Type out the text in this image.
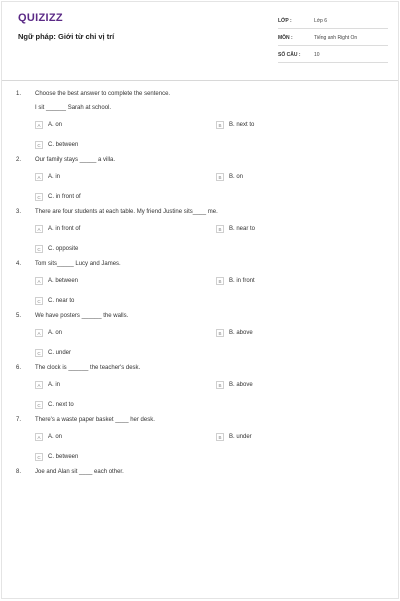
QUIZIZZ
Ngữ pháp: Giới từ chỉ vị trí
LỚP :	Lớp 6
MÔN :	Tiếng anh Right On
SỐ CÂU :	10
1.	Choose the best answer to complete the sentence.
I sit ______ Sarah at school.
A	A. on	B	B. next to
C	C. between
2.	Our family stays _____ a villa.
A	A. in	B	B. on
C	C. in front of
3.	There are four students at each table. My friend Justine sits____ me.
A	A. in front of	B	B. near to
C	C. opposite
4.	Tom sits_____ Lucy and James.
A	A. between	B	B. in front
C	C. near to
5.	We have posters ______ the walls.
A	A. on	B	B. above
C	C. under
6.	The clock is ______ the teacher's desk.
A	A. in	B	B. above
C	C. next to
7.	There's a waste paper basket ____ her desk.
A	A. on	B	B. under
C	C. between
8.	Joe and Alan sit ____ each other.
